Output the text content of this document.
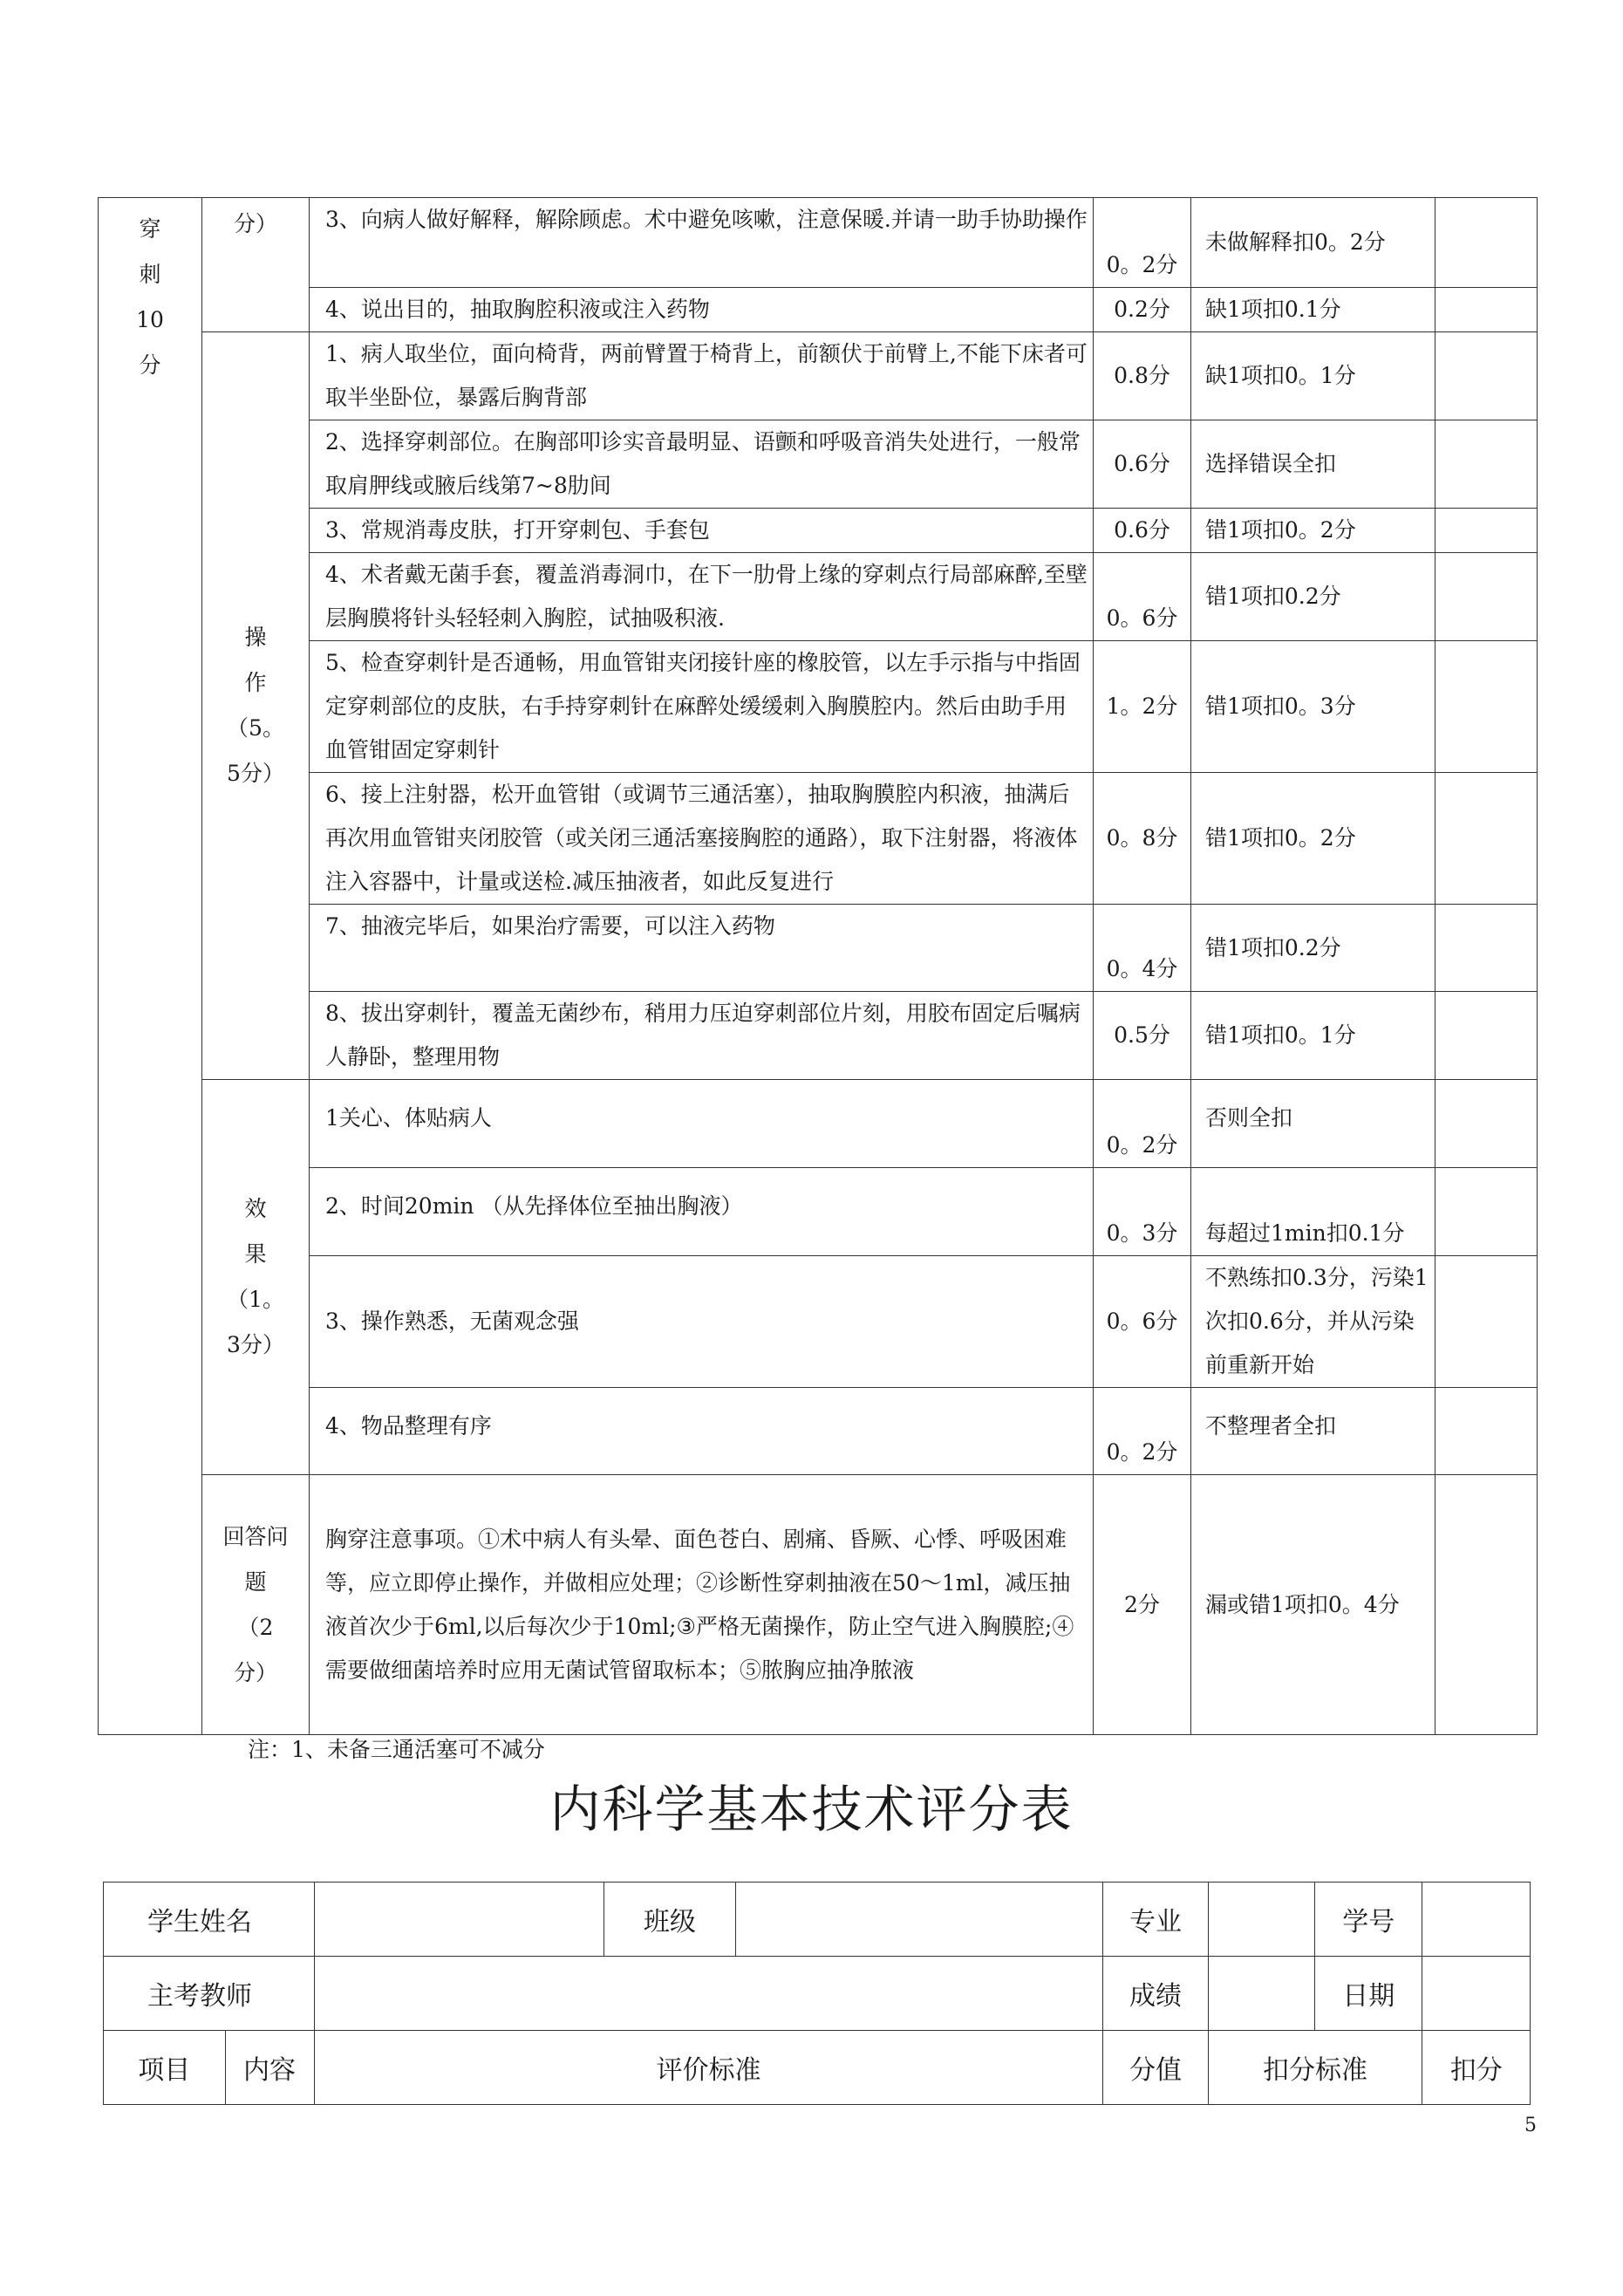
穿
刺
10
分	分）	3、向病人做好解释，解除顾虑。术中避免咳嗽，注意保暖.并请一助手协助操作	0。2分	未做解释扣0。2分	
		4、说出目的，抽取胸腔积液或注入药物	0.2分	缺1项扣0.1分	

	操
作
（5。
5分）	1、病人取坐位，面向椅背，两前臂置于椅背上，前额伏于前臂上,不能下床者可取半坐卧位，暴露后胸背部	0.8分	缺1项扣0。1分	
		2、选择穿刺部位。在胸部叩诊实音最明显、语颤和呼吸音消失处进行，一般常取肩胛线或腋后线第7~8肋间	0.6分	选择错误全扣	
		3、常规消毒皮肤，打开穿刺包、手套包	0.6分	错1项扣0。2分	
		4、术者戴无菌手套，覆盖消毒洞巾，在下一肋骨上缘的穿刺点行局部麻醉,至壁层胸膜将针头轻轻刺入胸腔，试抽吸积液.	0。6分	错1项扣0.2分	
		5、检查穿刺针是否通畅，用血管钳夹闭接针座的橡胶管，以左手示指与中指固定穿刺部位的皮肤，右手持穿刺针在麻醉处缓缓刺入胸膜腔内。然后由助手用血管钳固定穿刺针	1。2分	错1项扣0。3分	
		6、接上注射器，松开血管钳（或调节三通活塞），抽取胸膜腔内积液，抽满后再次用血管钳夹闭胶管（或关闭三通活塞接胸腔的通路），取下注射器，将液体注入容器中，计量或送检.减压抽液者，如此反复进行	0。8分	错1项扣0。2分	
		7、抽液完毕后，如果治疗需要，可以注入药物	0。4分	错1项扣0.2分	
		8、拔出穿刺针，覆盖无菌纱布，稍用力压迫穿刺部位片刻，用胶布固定后嘱病人静卧，整理用物	0.5分	错1项扣0。1分	

	效
果
（1。
3分）	1关心、体贴病人	0。2分	否则全扣	
		2、时间20min （从先择体位至抽出胸液）	0。3分	每超过1min扣0.1分	
		3、操作熟悉，无菌观念强	0。6分	不熟练扣0.3分，污染1次扣0.6分，并从污染前重新开始	
		4、物品整理有序	0。2分	不整理者全扣	

	回答问题
（2
分）	胸穿注意事项。①术中病人有头晕、面色苍白、剧痛、昏厥、心悸、呼吸困难等，应立即停止操作，并做相应处理；②诊断性穿刺抽液在50〜1ml，减压抽液首次少于6ml,以后每次少于10ml;③严格无菌操作，防止空气进入胸膜腔;④需要做细菌培养时应用无菌试管留取标本；⑤脓胸应抽净脓液	2分	漏或错1项扣0。4分	
注：1、未备三通活塞可不减分
内科学基本技术评分表
学生姓名			班级		专业		学号	
主考教师					成绩		日期	
项目	内容	评价标准			分值	扣分标准		扣分
5
